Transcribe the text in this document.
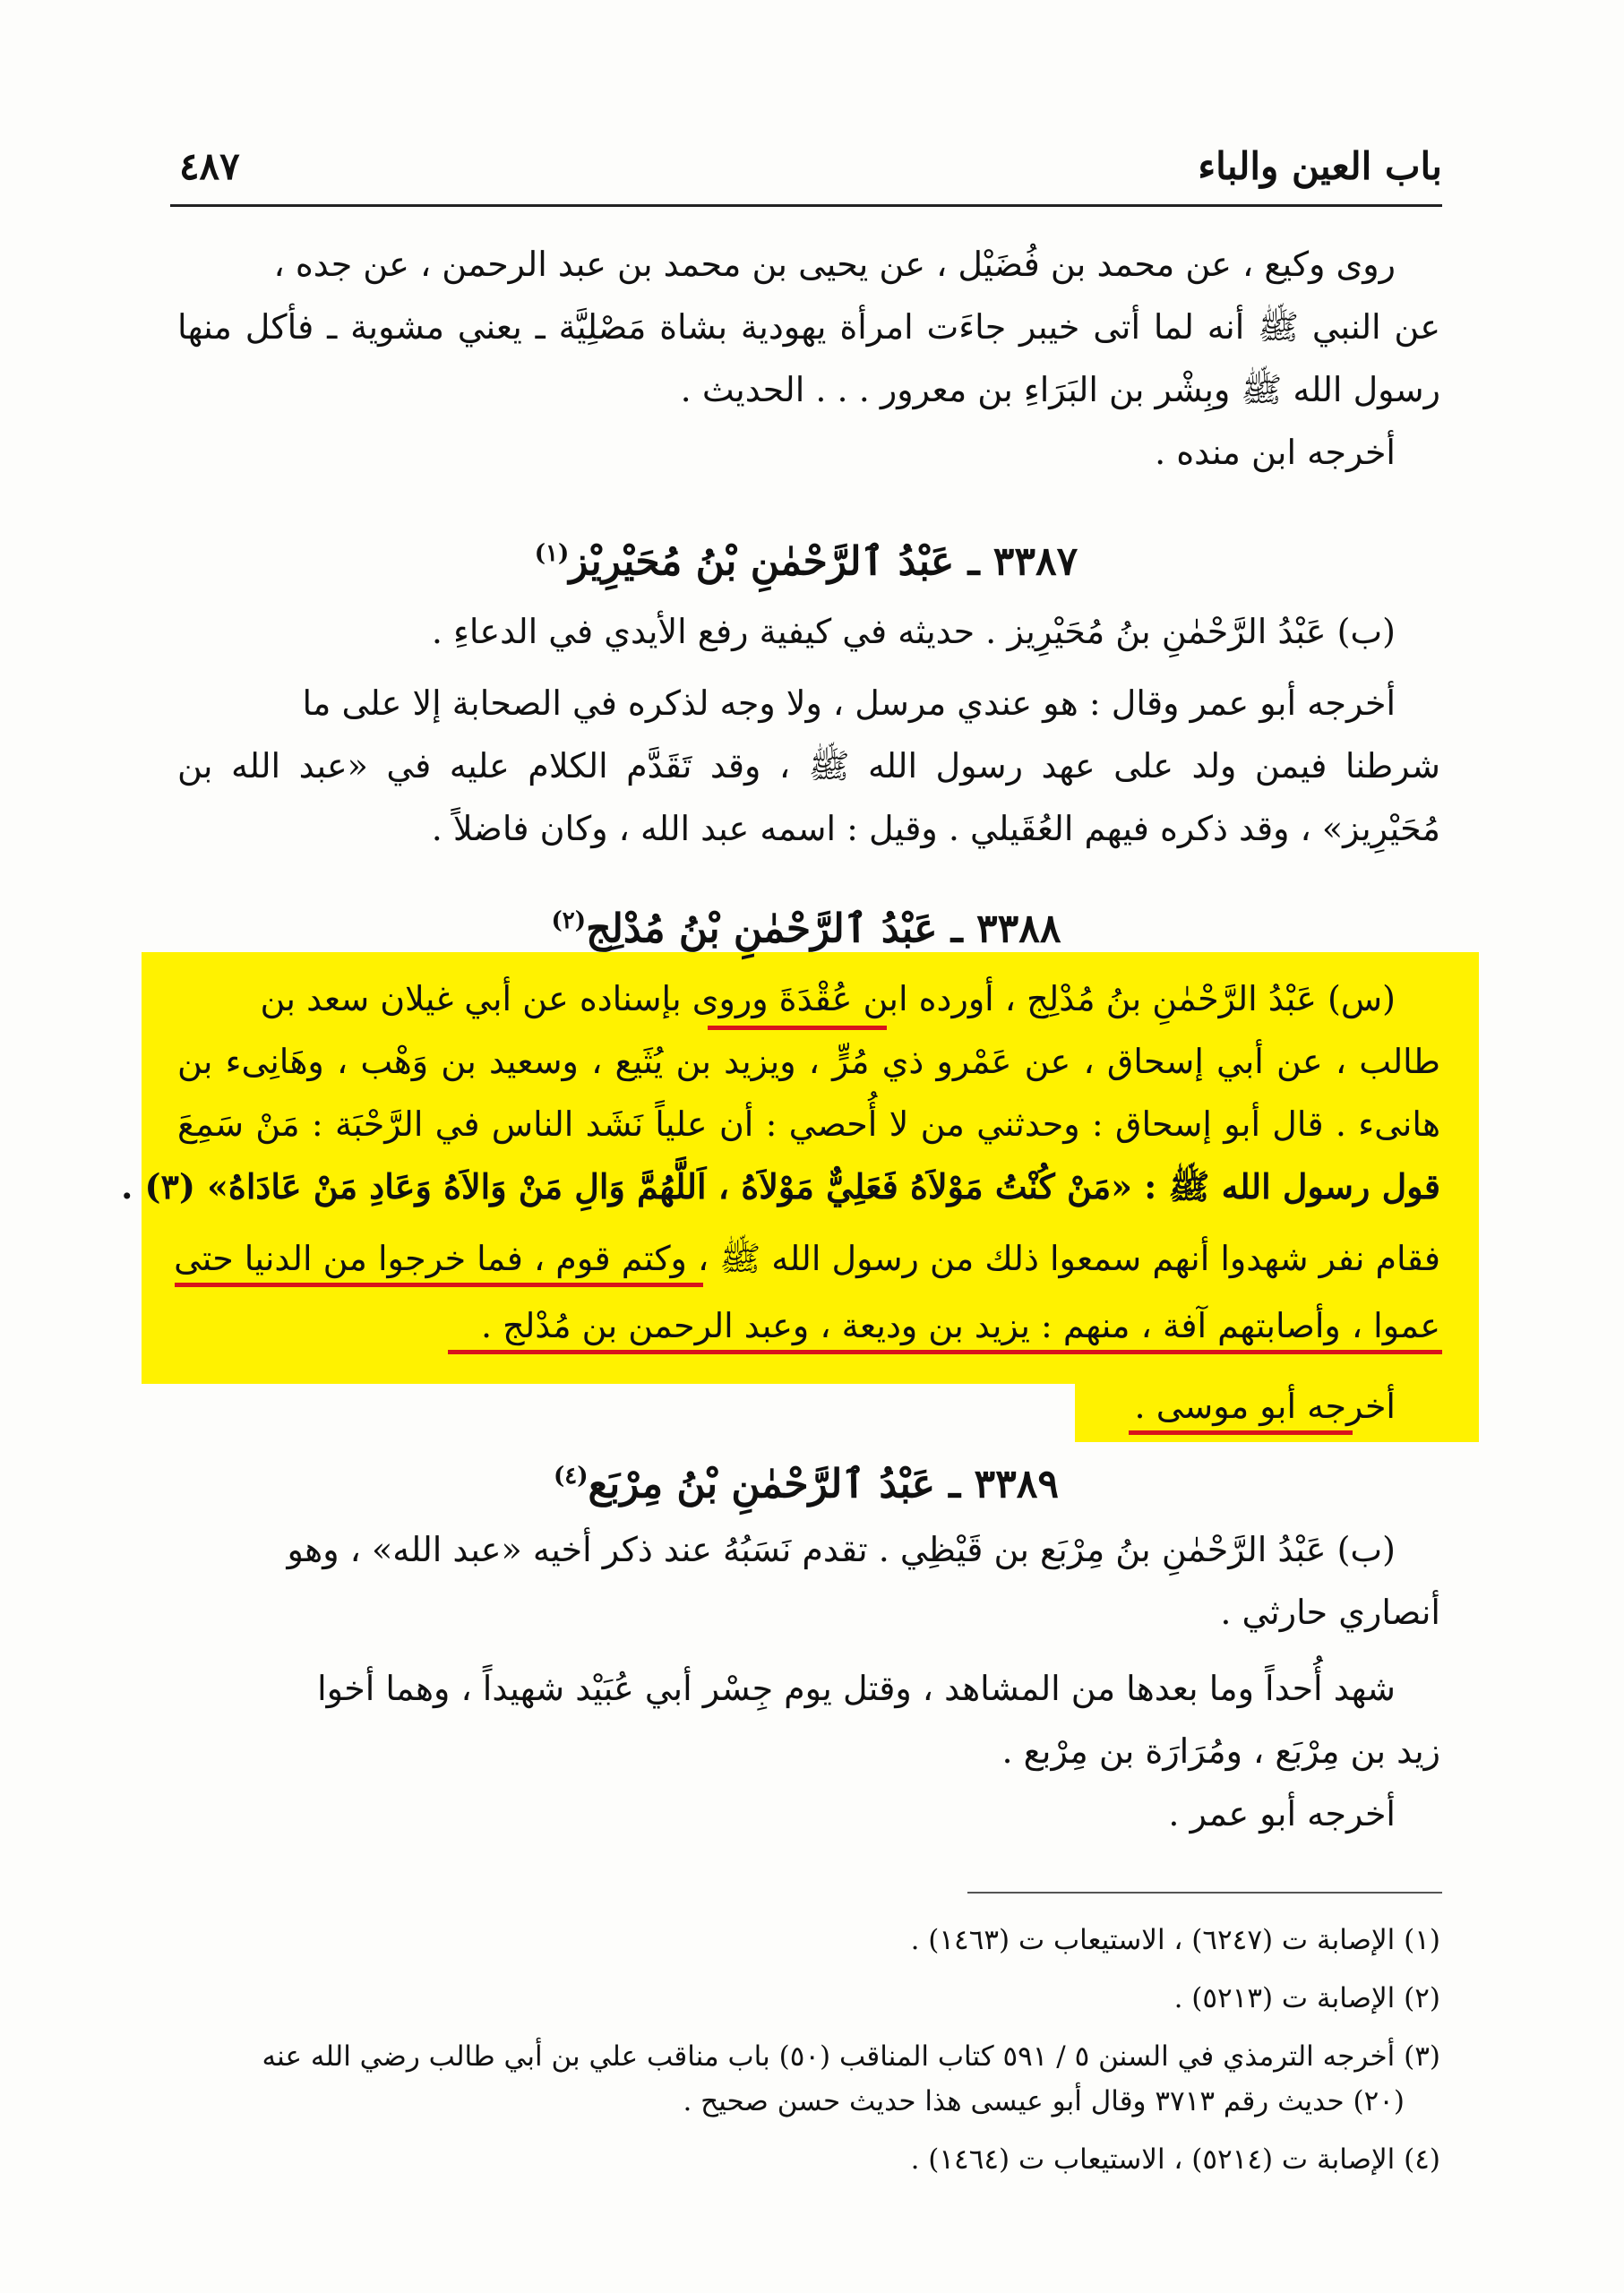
باب العين والباء
٤٨٧
روى وكيع ، عن محمد بن فُضَيْل ، عن يحيى بن محمد بن عبد الرحمن ، عن جده ،
عن النبي ﷺ أنه لما أتى خيبر جاءَت امرأة يهودية بشاة مَصْلِيَّة ـ يعني مشوية ـ فأكل منها
رسول الله ﷺ وبِشْر بن البَرَاءِ بن معرور . . . الحديث .
أخرجه ابن منده .
٣٣٨٧ ـ عَبْدُ ٱلرَّحْمٰنِ بْنُ مُحَيْرِيْز$^{(١)}$
(ب) عَبْدُ الرَّحْمٰنِ بنُ مُحَيْرِيز . حديثه في كيفية رفع الأيدي في الدعاءِ .
أخرجه أبو عمر وقال : هو عندي مرسل ، ولا وجه لذكره في الصحابة إلا على ما
شرطنا فيمن ولد على عهد رسول الله ﷺ ، وقد تَقَدَّم الكلام عليه في «عبد الله بن
مُحَيْرِيز» ، وقد ذكره فيهم العُقَيلي . وقيل : اسمه عبد الله ، وكان فاضلاً .
٣٣٨٨ ـ عَبْدُ ٱلرَّحْمٰنِ بْنُ مُدْلِج$^{(٢)}$
(س) عَبْدُ الرَّحْمٰنِ بنُ مُدْلِج ، أورده ابن عُقْدَةَ وروى بإسناده عن أبي غيلان سعد بن
طالب ، عن أبي إسحاق ، عن عَمْرو ذي مُرٍّ ، ويزيد بن يُثَيع ، وسعيد بن وَهْب ، وهَانِىء بن
هانىء . قال أبو إسحاق : وحدثني من لا أُحصي : أن علياً نَشَد الناس في الرَّحْبَة : مَنْ سَمِعَ
قول رسول الله ﷺ : «مَنْ كُنْتُ مَوْلاَهُ فَعَلِيٌّ مَوْلاَهُ ، اَللَّهُمَّ وَالِ مَنْ وَالاَهُ وَعَادِ مَنْ عَادَاهُ» (٣) .
فقام نفر شهدوا أنهم سمعوا ذلك من رسول الله ﷺ ، وكتم قوم ، فما خرجوا من الدنيا حتى
عموا ، وأصابتهم آفة ، منهم : يزيد بن وديعة ، وعبد الرحمن بن مُدْلج .
أخرجه أبو موسى .
٣٣٨٩ ـ عَبْدُ ٱلرَّحْمٰنِ بْنُ مِرْبَع$^{(٤)}$
(ب) عَبْدُ الرَّحْمٰنِ بنُ مِرْبَع بن قَيْظِي . تقدم نَسَبُهُ عند ذكر أخيه «عبد الله» ، وهو
أنصاري حارثي .
شهد أُحداً وما بعدها من المشاهد ، وقتل يوم جِسْر أبي عُبَيْد شهيداً ، وهما أخوا
زيد بن مِرْبَع ، ومُرَارَة بن مِرْبع .
أخرجه أبو عمر .
(١) الإصابة ت (٦٢٤٧) ، الاستيعاب ت (١٤٦٣) .
(٢) الإصابة ت (٥٢١٣) .
(٣) أخرجه الترمذي في السنن ٥ / ٥٩١ كتاب المناقب (٥٠) باب مناقب علي بن أبي طالب رضي الله عنه
(٢٠) حديث رقم ٣٧١٣ وقال أبو عيسى هذا حديث حسن صحيح .
(٤) الإصابة ت (٥٢١٤) ، الاستيعاب ت (١٤٦٤) .
